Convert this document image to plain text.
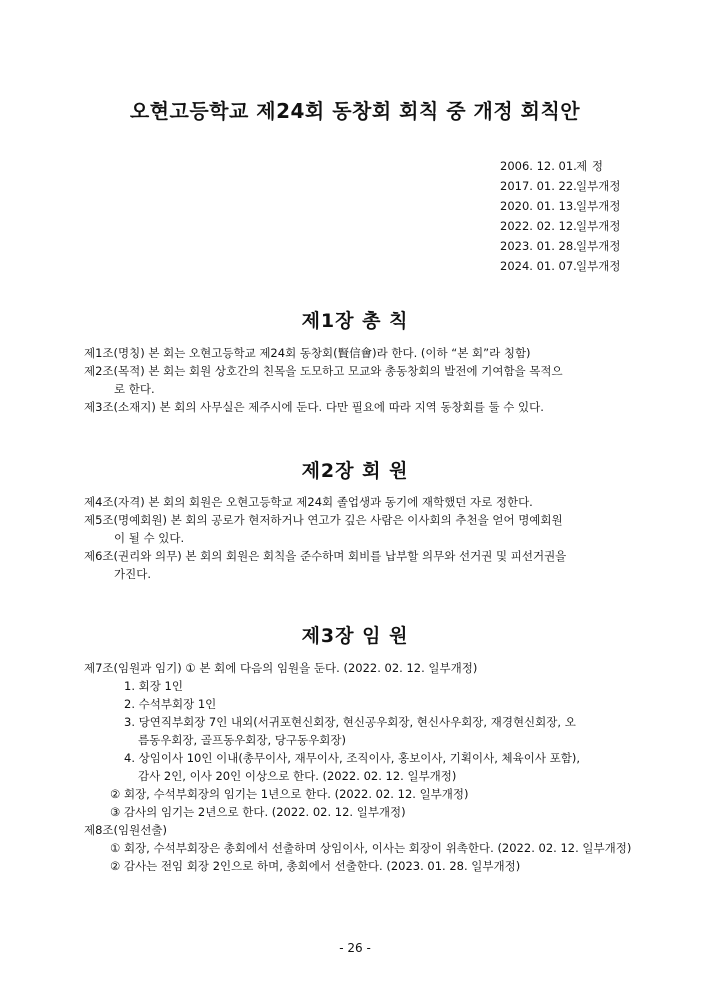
오현고등학교 제24회 동창회 회칙 중 개정 회칙안
2006. 12. 01. 제 정
2017. 01. 22. 일부개정
2020. 01. 13. 일부개정
2022. 02. 12. 일부개정
2023. 01. 28. 일부개정
2024. 01. 07. 일부개정
제1장 총 칙

제1조(명칭) 본 회는 오현고등학교 제24회 동창회(賢信會)라 한다. (이하 “본 회”라 칭함)

제2조(목적) 본 회는 회원 상호간의 친목을 도모하고 모교와 총동창회의 발전에 기여함을 목적으
로 한다.

제3조(소재지) 본 회의 사무실은 제주시에 둔다. 다만 필요에 따라 지역 동창회를 둘 수 있다.

제2장 회 원

제4조(자격) 본 회의 회원은 오현고등학교 제24회 졸업생과 동기에 재학했던 자로 정한다.

제5조(명예회원) 본 회의 공로가 현저하거나 연고가 깊은 사람은 이사회의 추천을 얻어 명예회원
이 될 수 있다.

제6조(권리와 의무) 본 회의 회원은 회칙을 준수하며 회비를 납부할 의무와 선거권 및 피선거권을
가진다.

제3장 임 원

제7조(임원과 임기) ① 본 회에 다음의 임원을 둔다. (2022. 02. 12. 일부개정)

1. 회장 1인
2. 수석부회장 1인
3. 당연직부회장 7인 내외(서귀포현신회장, 현신공우회장, 현신사우회장, 재경현신회장, 오
름동우회장, 골프동우회장, 당구동우회장)
4. 상임이사 10인 이내(총무이사, 재무이사, 조직이사, 홍보이사, 기획이사, 체육이사 포함),
감사 2인, 이사 20인 이상으로 한다. (2022. 02. 12. 일부개정)
② 회장, 수석부회장의 임기는 1년으로 한다. (2022. 02. 12. 일부개정)
③ 감사의 임기는 2년으로 한다. (2022. 02. 12. 일부개정)

제8조(임원선출)

① 회장, 수석부회장은 총회에서 선출하며 상임이사, 이사는 회장이 위촉한다. (2022. 02. 12. 일부개정)
② 감사는 전임 회장 2인으로 하며, 총회에서 선출한다. (2023. 01. 28. 일부개정)
- 26 -
